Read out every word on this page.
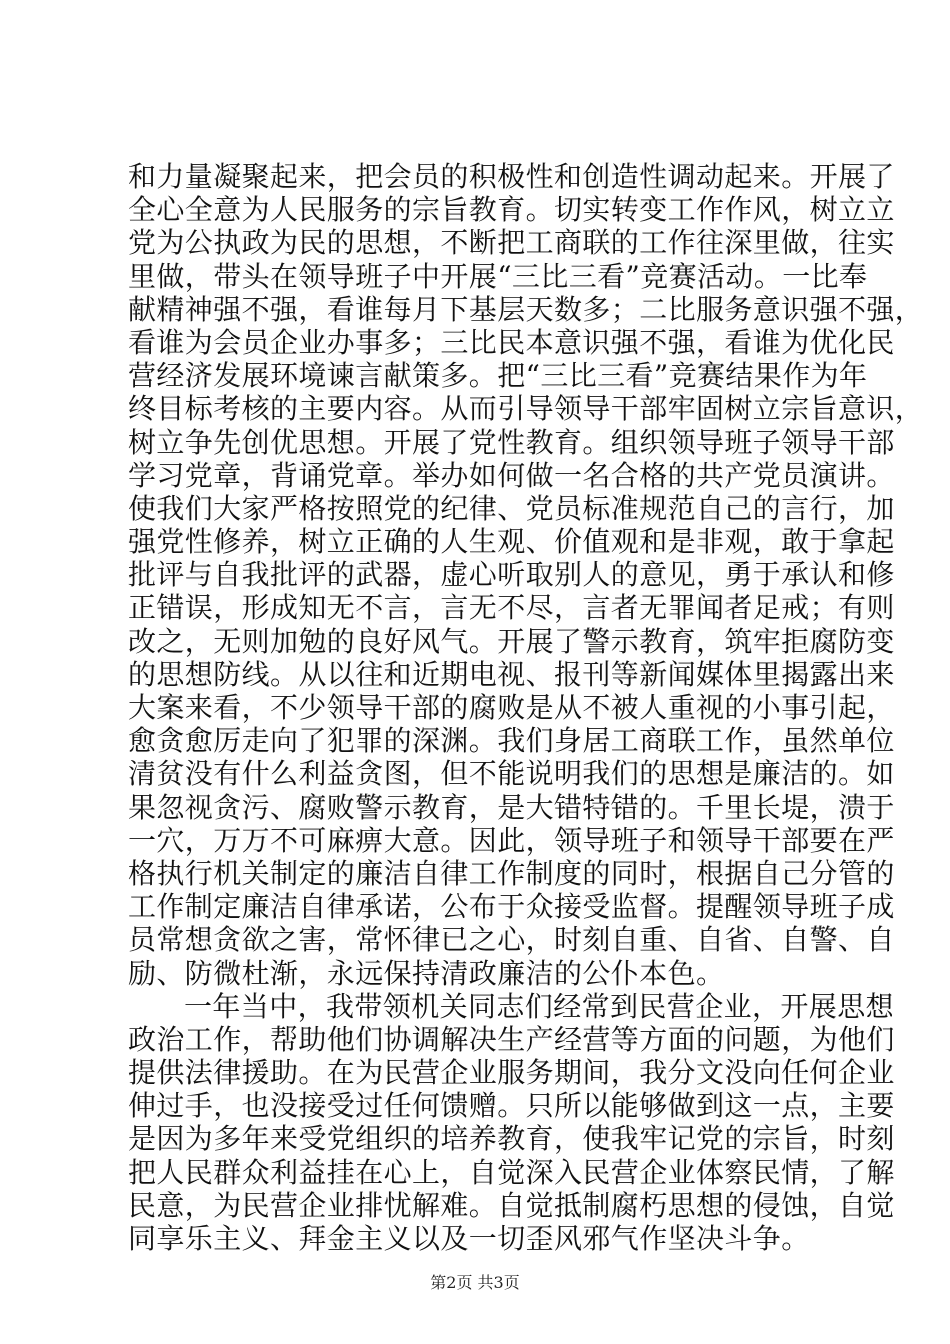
和力量凝聚起来，把会员的积极性和创造性调动起来。开展了
全心全意为人民服务的宗旨教育。切实转变工作作风，树立立
党为公执政为民的思想，不断把工商联的工作往深里做，往实
里做，带头在领导班子中开展“三比三看”竞赛活动。一比奉
献精神强不强，看谁每月下基层天数多；二比服务意识强不强，
看谁为会员企业办事多；三比民本意识强不强，看谁为优化民
营经济发展环境谏言献策多。把“三比三看”竞赛结果作为年
终目标考核的主要内容。从而引导领导干部牢固树立宗旨意识，
树立争先创优思想。开展了党性教育。组织领导班子领导干部
学习党章，背诵党章。举办如何做一名合格的共产党员演讲。
使我们大家严格按照党的纪律、党员标准规范自己的言行，加
强党性修养，树立正确的人生观、价值观和是非观，敢于拿起
批评与自我批评的武器，虚心听取别人的意见，勇于承认和修
正错误，形成知无不言，言无不尽，言者无罪闻者足戒；有则
改之，无则加勉的良好风气。开展了警示教育，筑牢拒腐防变
的思想防线。从以往和近期电视、报刊等新闻媒体里揭露出来
大案来看，不少领导干部的腐败是从不被人重视的小事引起，
愈贪愈厉走向了犯罪的深渊。我们身居工商联工作，虽然单位
清贫没有什么利益贪图，但不能说明我们的思想是廉洁的。如
果忽视贪污、腐败警示教育，是大错特错的。千里长堤，溃于
一穴，万万不可麻痹大意。因此，领导班子和领导干部要在严
格执行机关制定的廉洁自律工作制度的同时，根据自己分管的
工作制定廉洁自律承诺，公布于众接受监督。提醒领导班子成
员常想贪欲之害，常怀律已之心，时刻自重、自省、自警、自
励、防微杜渐，永远保持清政廉洁的公仆本色。
一年当中，我带领机关同志们经常到民营企业，开展思想
政治工作，帮助他们协调解决生产经营等方面的问题，为他们
提供法律援助。在为民营企业服务期间，我分文没向任何企业
伸过手，也没接受过任何馈赠。只所以能够做到这一点，主要
是因为多年来受党组织的培养教育，使我牢记党的宗旨，时刻
把人民群众利益挂在心上，自觉深入民营企业体察民情，了解
民意，为民营企业排忧解难。自觉抵制腐朽思想的侵蚀，自觉
同享乐主义、拜金主义以及一切歪风邪气作坚决斗争。
第2页 共3页
